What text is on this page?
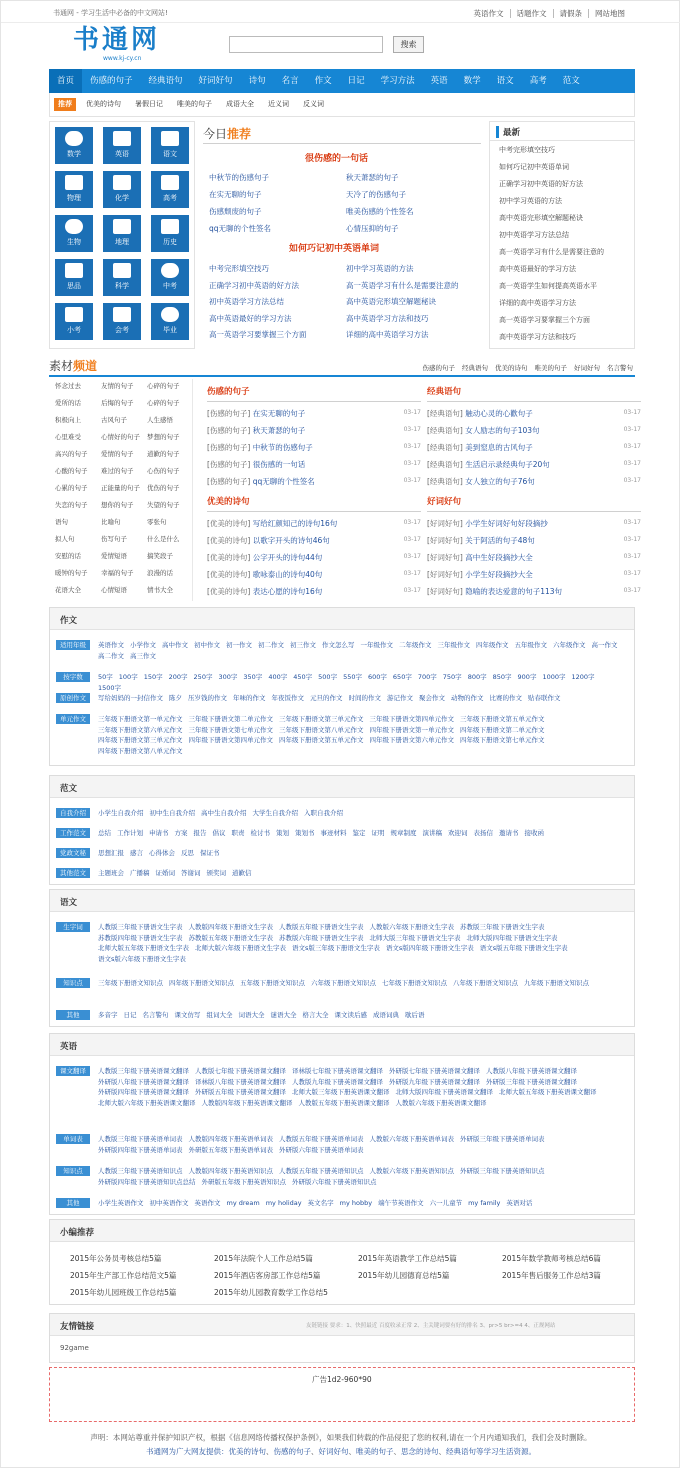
书通网 - 学习生活中必备的中文网站!	英语作文 话题作文 请假条 网站地图
书通网
www.kj-cy.cn
搜索
首页	伤感的句子	经典语句	好词好句	诗句	名言	作文	日记	学习方法	英语	数学	语文	高考	范文
推荐	优美的诗句 暑假日记 唯美的句子 成语大全 近义词 反义词
数学	英语	语文
物理	化学	高考
生物	地理	历史
思品	科学	中考
小考	会考	毕业
今日推荐
很伤感的一句话
如何巧记初中英语单词
中秋节的伤感句子	秋天萧瑟的句子
在实无聊的句子	天冷了的伤感句子
伤感颓废的句子	唯美伤感的个性签名
qq无聊的个性签名	心情压抑的句子
中考完形填空技巧	初中学习英语的方法
正确学习初中英语的好方法	高一英语学习有什么是需要注意的
初中英语学习方法总结	高中英语完形填空解题秘诀
高中英语最好的学习方法	高中英语学习方法和技巧
高一英语学习要掌握三个方面	详细的高中英语学习方法
最新
中考完形填空技巧
如何巧记初中英语单词
正确学习初中英语的好方法
初中学习英语的方法
高中英语完形填空解题秘诀
初中英语学习方法总结
高一英语学习有什么是需要注意的
高中英语最好的学习方法
高一英语学生如何提高英语水平
详细的高中英语学习方法
高一英语学习要掌握三个方面
高中英语学习方法和技巧
素材频道	伤感的句子 经典语句 优美的诗句 唯美的句子 好词好句 名言警句
怀念过去	友情的句子 心碎的句子
爱所的话	后悔的句子 心碎的句子
积极向上	古风句子	人生感悟
心里难受	心情好的句子 梦想的句子
高兴的句子 爱情的句子 道歉的句子
心酸的句子 难过的句子 心伤的句子
心累的句子 正能量的句子 优伤的句子
失恋的句子 想你的句子 失望的句子
语句	比喻句	零张句
拟人句	伤写句子	什么是什么
安慰的话	爱情短语	搞笑段子
暖钟的句子 幸福的句子 浪漫的话
花语大全	心情短语	情书大全
伤感的句子
[伤感的句子] 在实无聊的句子	03-17
[伤感的句子] 秋天萧瑟的句子	03-17
[伤感的句子] 中秋节的伤感句子	03-17
[伤感的句子] 很伤感的一句话	03-17
[伤感的句子] qq无聊的个性签名	03-17
经典语句
[经典语句] 触动心灵的心歡句子	03-17
[经典语句] 女人励志的句子103句	03-17
[经典语句] 美到窒息的古风句子	03-17
[经典语句] 生活启示录经典句子20句	03-17
[经典语句] 女人独立的句子76句	03-17
优美的诗句
[优美的诗句] 写给红颜知己的诗句16句	03-17
[优美的诗句] 以歌字开头的诗句46句	03-17
[优美的诗句] 公字开头的诗句44句	03-17
[优美的诗句] 歌咏泰山的诗句40句	03-17
[优美的诗句] 表达心愿的诗句16句	03-17
好词好句
[好词好句] 小学生好词好句好段摘抄	03-17
[好词好句] 关于阿活的句子48句	03-17
[好词好句] 高中生好段摘抄大全	03-17
[好词好句] 小学生好段摘抄大全	03-17
[好词好句] 隐喻的表达爱意的句子113句	03-17
作文
适用年级	英语作文 小学作文 高中作文 初中作文 初一作文 初二作文 初三作文 作文怎么写 一年级作文 二年级作文 三年级作文 四年级作文 五年级作文 六年级作文 高一作文高二作文 高三作文
按字数	50字 100字 150字 200字 250字 300字 350字 400字 450字 500字 550字 600字 650字 700字 750字 800字 850字 900字 1000字 1200字1500字
原创作文	写给妈妈的一封信作文 陈夕 压岁钱的作文 年味的作文 年夜饭作文 元旦的作文 时间的作文 游记作文 聚会作文 动物的作文 比赛的作文 贴春联作文
单元作文	三年级下册语文第一单元作文 三年级下册语文第二单元作文 三年级下册语文第三单元作文 三年级下册语文第四单元作文 三年级下册语文第五单元作文三年级下册语文第六单元作文 三年级下册语文第七单元作文 三年级下册语文第八单元作文 四年级下册语文第一单元作文 四年级下册语文第二单元作文四年级下册语文第三单元作文 四年级下册语文第四单元作文 四年级下册语文第五单元作文 四年级下册语文第六单元作文 四年级下册语文第七单元作文四年级下册语文第八单元作文
范文
自我介绍	小学生自我介绍 初中生自我介绍 高中生自我介绍 大学生自我介绍 入职自我介绍
工作范文	总结 工作计划 申请书 方案 报告 倡议 职责 检讨书 策划 策划书 事迹材料 鉴定 证明 规章制度 演讲稿 欢迎词 表扬信 邀请书 接收函
党政文秘	思想汇报 感言 心得体会 反思 保证书
其他范文	主题班会 广播稿 证婚词 答谢词 颁奖词 道歉信
语文
生字词	人教版三年级下册语文生字表 人教版四年级下册语文生字表 人教版五年级下册语文生字表 人教版六年级下册语文生字表 苏教版三年级下册语文生字表苏教版四年级下册语文生字表 苏教版五年级下册语文生字表 苏教版六年级下册语文生字表 北师大版三年级下册语文生字表 北师大版四年级下册语文生字表北师大版五年级下册语文生字表 北师大版六年级下册语文生字表 语文s版三年级下册语文生字表 语文s版四年级下册语文生字表 语文s版五年级下册语文生字表语文s版六年级下册语文生字表
知识点	三年级下册语文知识点 四年级下册语文知识点 五年级下册语文知识点 六年级下册语文知识点 七年级下册语文知识点 八年级下册语文知识点 九年级下册语文知识点
其他	多音字 日记 名言警句 课文仿写 组词大全 词语大全 谜语大全 格言大全 课文读后感 成语词典 歇后语
英语
课文翻译	人教版三年级下册英语课文翻译 人教版七年级下册英语课文翻译 译林版七年级下册英语课文翻译 外研版七年级下册英语课文翻译 人教版八年级下册英语课文翻译外研版八年级下册英语课文翻译 译林版八年级下册英语课文翻译 人教版九年级下册英语课文翻译 外研版九年级下册英语课文翻译 外研版三年级下册英语课文翻译外研版四年级下册英语课文翻译 外研版五年级下册英语课文翻译 北师大版三年级下册英语课文翻译 北师大版四年级下册英语课文翻译 北师大版五年级下册英语课文翻译北师大版六年级下册英语课文翻译 人教版四年级下册英语课文翻译 人教版五年级下册英语课文翻译 人教版六年级下册英语课文翻译
单词表	人教版三年级下册英语单词表 人教版四年级下册英语单词表 人教版五年级下册英语单词表 人教版六年级下册英语单词表 外研版三年级下册英语单词表外研版四年级下册英语单词表 外研版五年级下册英语单词表 外研版六年级下册英语单词表
知识点	人教版三年级下册英语知识点 人教版四年级下册英语知识点 人教版五年级下册英语知识点 人教版六年级下册英语知识点 外研版三年级下册英语知识点外研版四年级下册英语知识点总结 外研版五年级下册英语知识点 外研版六年级下册英语知识点
其他	小学生英语作文 初中英语作文 英语作文 my dream my holiday 英文名字 my hobby 端午节英语作文 六一儿童节 my family 英语对话
小编推荐
2015年公务员考核总结5篇	2015年法院个人工作总结5篇	2015年英语教学工作总结5篇	2015年数学教师考核总结6篇
2015年生产部工作总结范文5篇	2015年酒店客房部工作总结5篇	2015年幼儿园德育总结5篇	2015年售后服务工作总结3篇
2015年幼儿园班级工作总结5篇	2015年幼儿园教育数学工作总结5
友情链接	友链链接 要求：1、快照最近 百度收录正常 2、主关键词要有好的排名 3、pr>5 br>=4 4、正规网站
92game
广告1d2-960*90
声明：本网站尊重并保护知识产权，根据《信息网络传播权保护条例》，如果我们转载的作品侵犯了您的权利,请在一个月内通知我们，我们会及时删除。
书通网为广大网友提供：优美的诗句、伤感的句子、好词好句、唯美的句子、思念的诗句、经典语句等学习生活资源。
